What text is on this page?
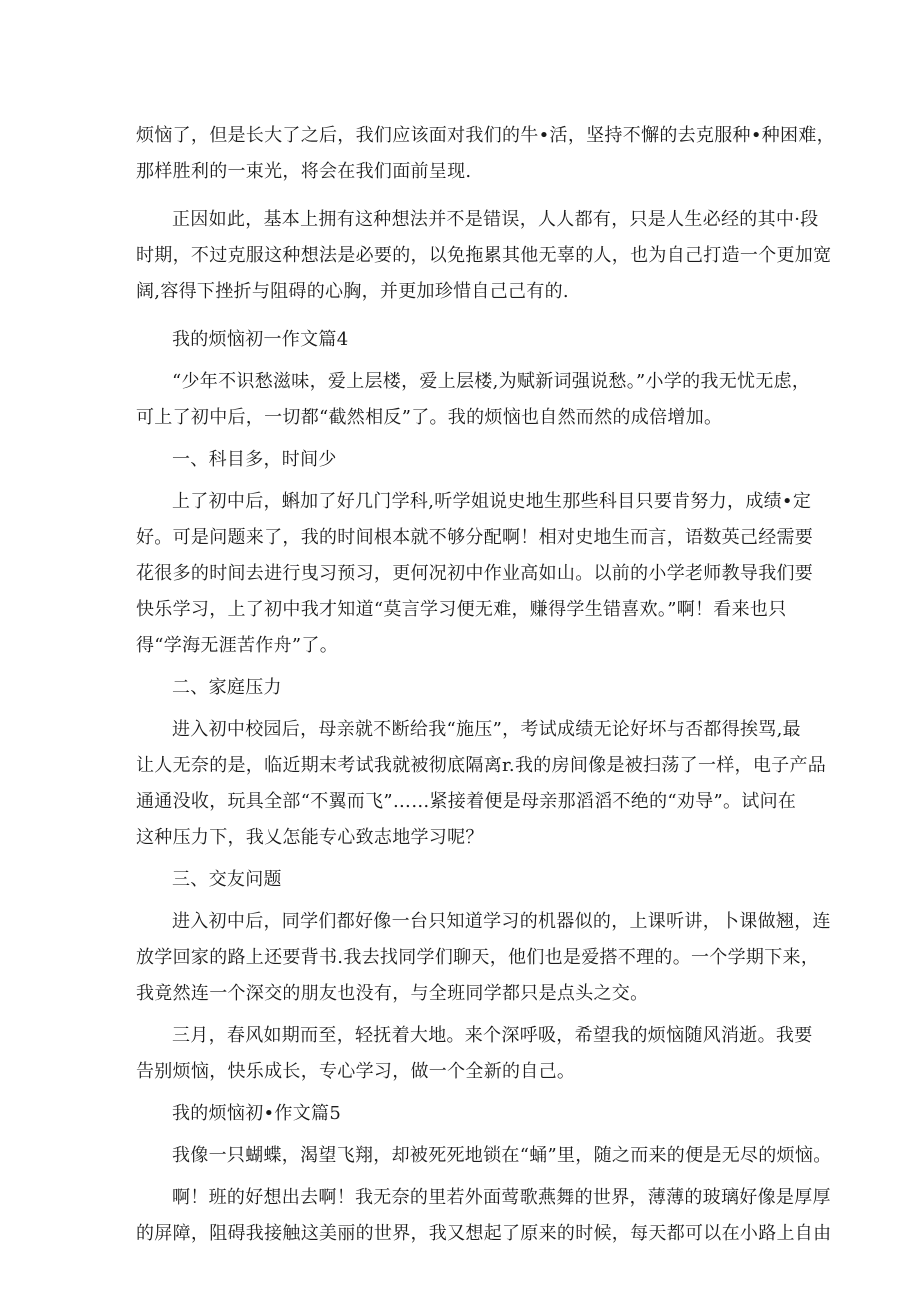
烦恼了，但是长大了之后，我们应该面对我们的牛•活，坚持不懈的去克服种•种困难，
那样胜利的一束光，将会在我们面前呈现.
正因如此，基本上拥有这种想法并不是错误，人人都有，只是人生必经的其中·段
时期，不过克服这种想法是必要的，以免拖累其他无辜的人，也为自己打造一个更加宽
阔,容得下挫折与阻碍的心胸，并更加珍惜自己己有的.
我的烦恼初一作文篇4
“少年不识愁滋味，爱上层楼，爱上层楼,为赋新词强说愁。”小学的我无忧无虑，
可上了初中后，一切都“截然相反”了。我的烦恼也自然而然的成倍增加。
一、科目多，时间少
上了初中后，蝌加了好几门学科,听学姐说史地生那些科目只要肯努力，成绩•定
好。可是问题来了，我的时间根本就不够分配啊！相对史地生而言，语数英己经需要
花很多的时间去进行曳习预习，更何况初中作业高如山。以前的小学老师教导我们要
快乐学习，上了初中我才知道“莫言学习便无难，赚得学生错喜欢。”啊！看来也只
得“学海无涯苦作舟”了。
二、家庭压力
进入初中校园后，母亲就不断给我“施压”，考试成绩无论好坏与否都得挨骂,最
让人无奈的是，临近期末考试我就被彻底隔离r.我的房间像是被扫荡了一样，电子产品
通通没收，玩具全部“不翼而飞”……紧接着便是母亲那滔滔不绝的“劝导”。试问在
这种压力下，我乂怎能专心致志地学习呢？
三、交友问题
进入初中后，同学们都好像一台只知道学习的机器似的，上课听讲，卜课做翘，连
放学回家的路上还要背书.我去找同学们聊天，他们也是爱搭不理的。一个学期下来，
我竟然连一个深交的朋友也没有，与全班同学都只是点头之交。
三月，春风如期而至，轻抚着大地。来个深呼吸，希望我的烦恼随风消逝。我要
告别烦恼，快乐成长，专心学习，做一个全新的自己。
我的烦恼初•作文篇5
我像一只蝴蝶，渴望飞翔，却被死死地锁在“蛹”里，随之而来的便是无尽的烦恼。
啊！班的好想出去啊！我无奈的里若外面莺歌燕舞的世界，薄薄的玻璃好像是厚厚
的屏障，阻碍我接触这美丽的世界，我又想起了原来的时候，每天都可以在小路上自由
